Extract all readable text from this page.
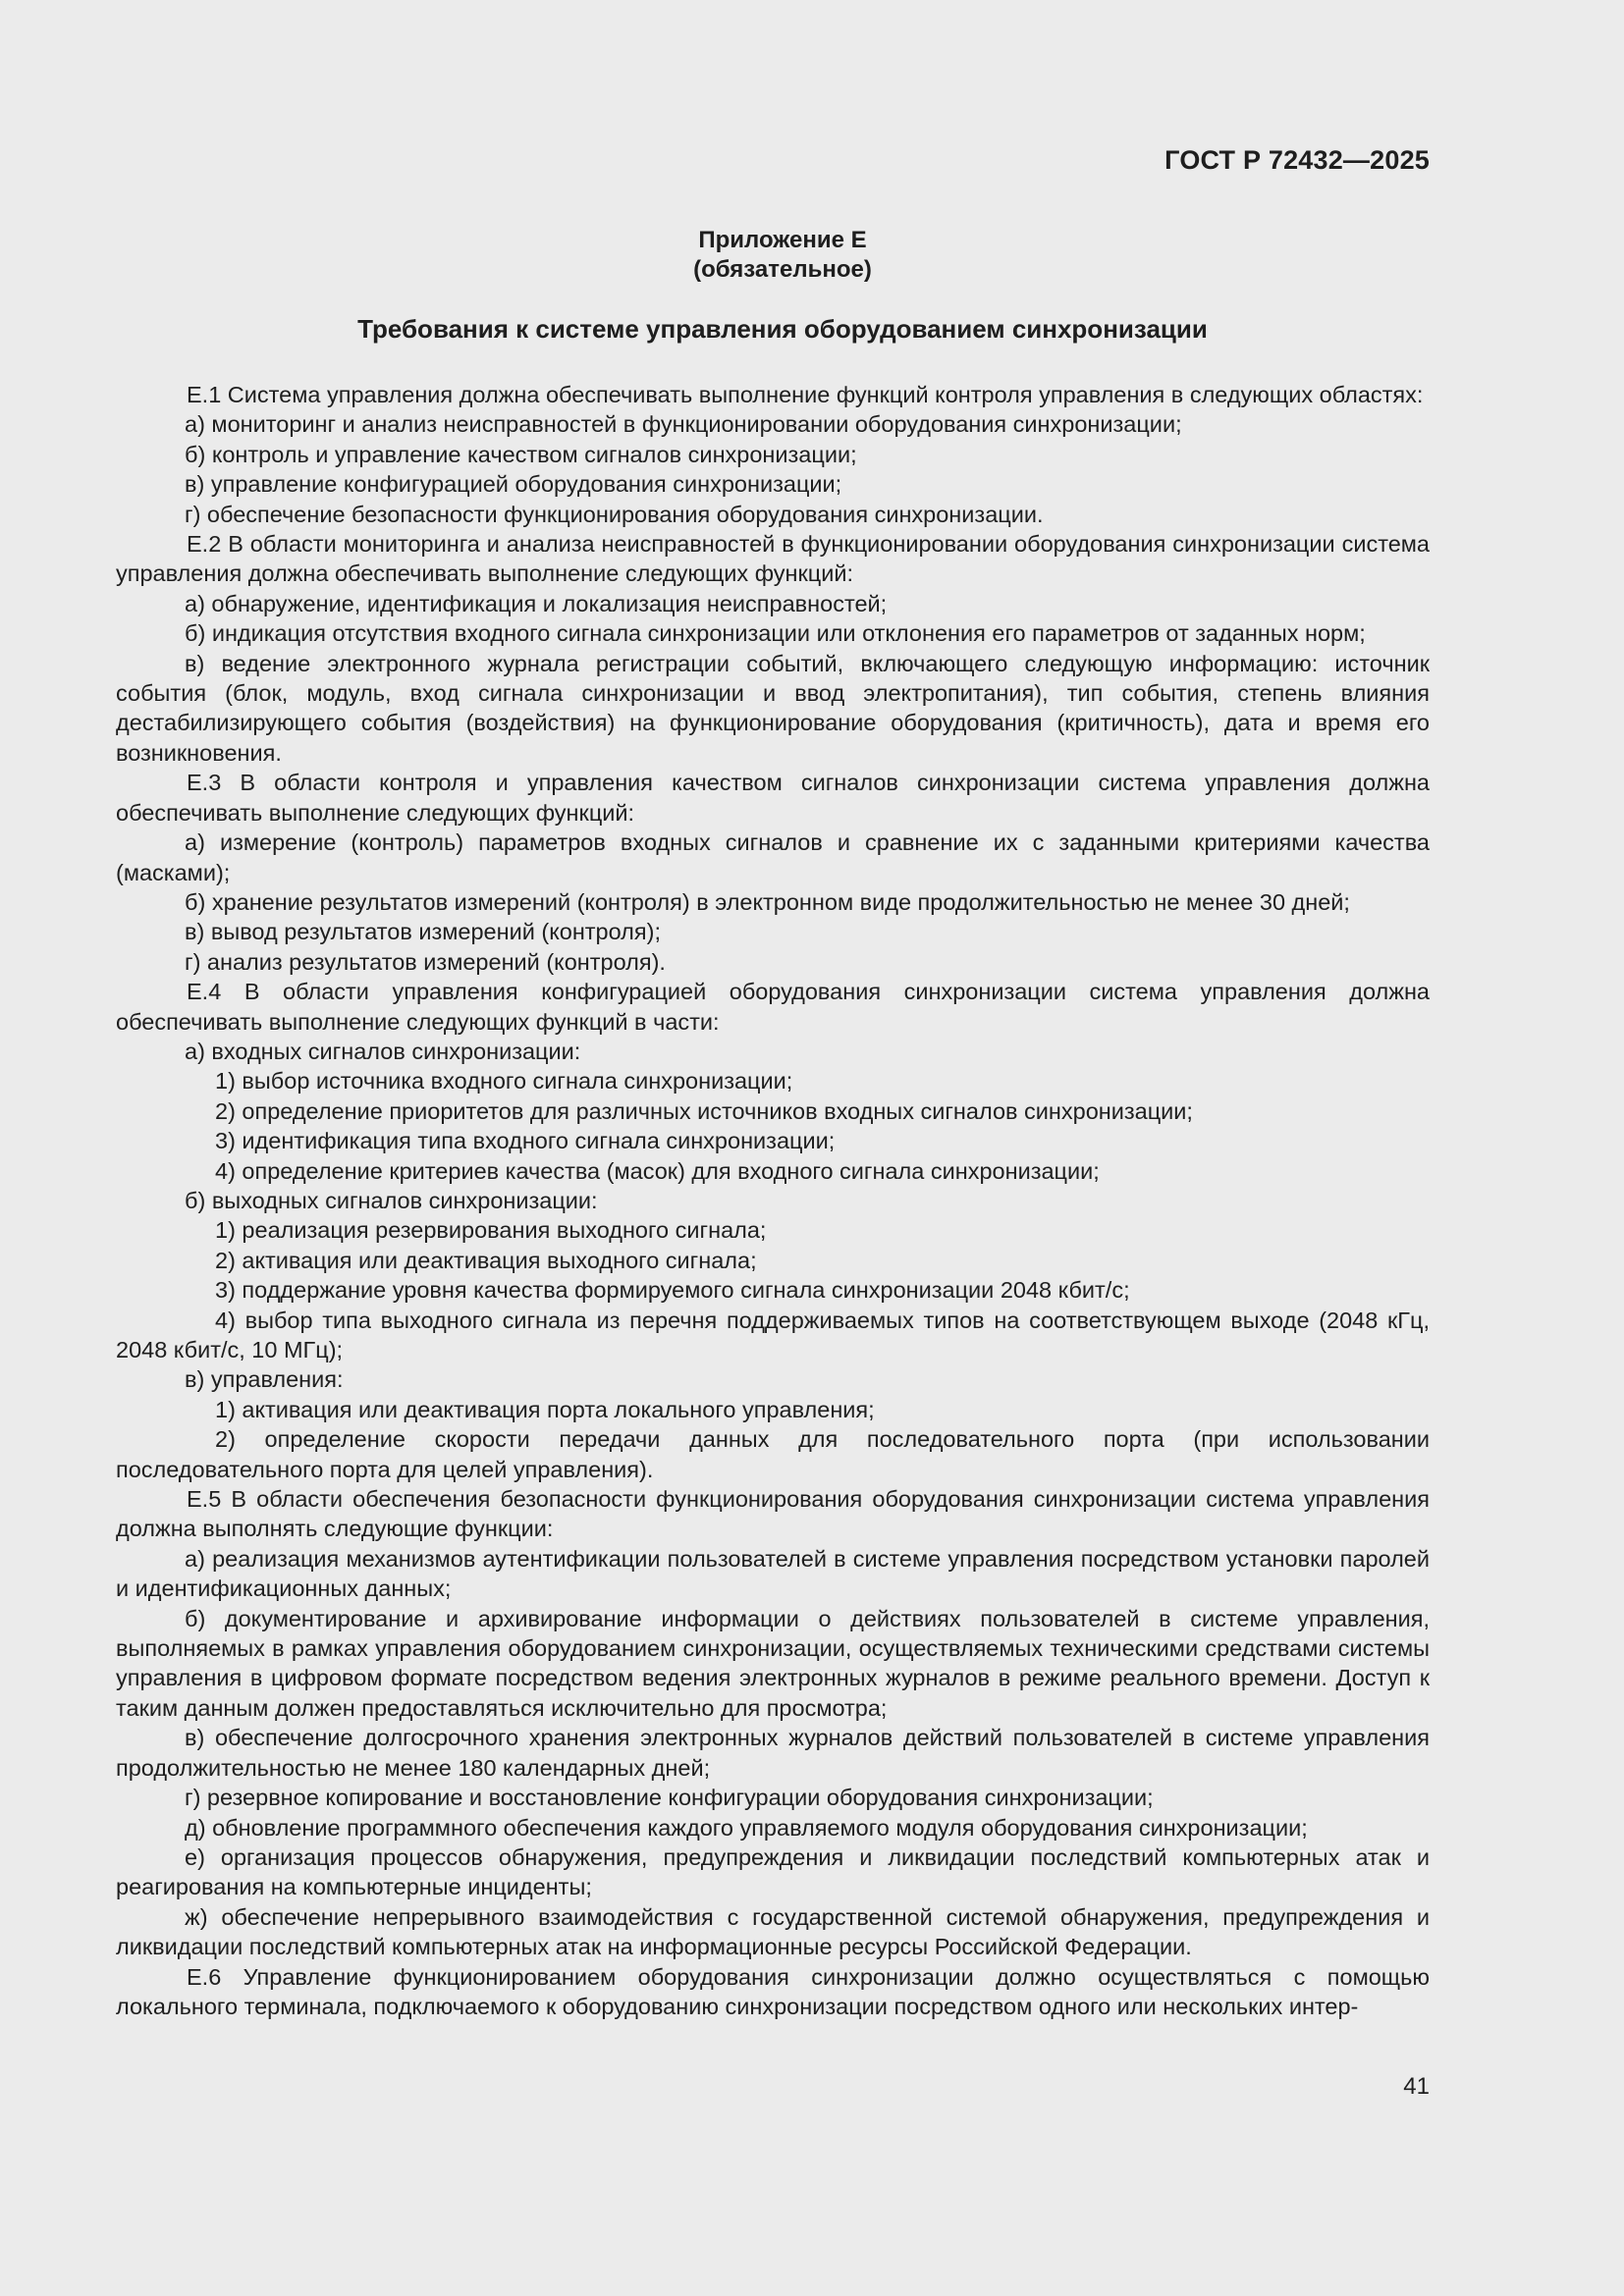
ГОСТ Р 72432—2025
Приложение Е
(обязательное)
Требования к системе управления оборудованием синхронизации

Е.1 Система управления должна обеспечивать выполнение функций контроля управления в следующих областях:

а) мониторинг и анализ неисправностей в функционировании оборудования синхронизации;

б) контроль и управление качеством сигналов синхронизации;

в) управление конфигурацией оборудования синхронизации;

г) обеспечение безопасности функционирования оборудования синхронизации.

Е.2 В области мониторинга и анализа неисправностей в функционировании оборудования синхронизации система управления должна обеспечивать выполнение следующих функций:

а) обнаружение, идентификация и локализация неисправностей;

б) индикация отсутствия входного сигнала синхронизации или отклонения его параметров от заданных норм;

в) ведение электронного журнала регистрации событий, включающего следующую информацию: источник события (блок, модуль, вход сигнала синхронизации и ввод электропитания), тип события, степень влияния дестабилизирующего события (воздействия) на функционирование оборудования (критичность), дата и время его возникновения.

Е.3 В области контроля и управления качеством сигналов синхронизации система управления должна обеспечивать выполнение следующих функций:

а) измерение (контроль) параметров входных сигналов и сравнение их с заданными критериями качества (масками);

б) хранение результатов измерений (контроля) в электронном виде продолжительностью не менее 30 дней;

в) вывод результатов измерений (контроля);

г) анализ результатов измерений (контроля).

Е.4 В области управления конфигурацией оборудования синхронизации система управления должна обеспечивать выполнение следующих функций в части:

а) входных сигналов синхронизации:

1) выбор источника входного сигнала синхронизации;

2) определение приоритетов для различных источников входных сигналов синхронизации;

3) идентификация типа входного сигнала синхронизации;

4) определение критериев качества (масок) для входного сигнала синхронизации;

б) выходных сигналов синхронизации:

1) реализация резервирования выходного сигнала;

2) активация или деактивация выходного сигнала;

3) поддержание уровня качества формируемого сигнала синхронизации 2048 кбит/с;

4) выбор типа выходного сигнала из перечня поддерживаемых типов на соответствующем выходе (2048 кГц, 2048 кбит/с, 10 МГц);

в) управления:

1) активация или деактивация порта локального управления;

2) определение скорости передачи данных для последовательного порта (при использовании последовательного порта для целей управления).

Е.5 В области обеспечения безопасности функционирования оборудования синхронизации система управления должна выполнять следующие функции:

а) реализация механизмов аутентификации пользователей в системе управления посредством установки паролей и идентификационных данных;

б) документирование и архивирование информации о действиях пользователей в системе управления, выполняемых в рамках управления оборудованием синхронизации, осуществляемых техническими средствами системы управления в цифровом формате посредством ведения электронных журналов в режиме реального времени. Доступ к таким данным должен предоставляться исключительно для просмотра;

в) обеспечение долгосрочного хранения электронных журналов действий пользователей в системе управления продолжительностью не менее 180 календарных дней;

г) резервное копирование и восстановление конфигурации оборудования синхронизации;

д) обновление программного обеспечения каждого управляемого модуля оборудования синхронизации;

е) организация процессов обнаружения, предупреждения и ликвидации последствий компьютерных атак и реагирования на компьютерные инциденты;

ж) обеспечение непрерывного взаимодействия с государственной системой обнаружения, предупреждения и ликвидации последствий компьютерных атак на информационные ресурсы Российской Федерации.

Е.6 Управление функционированием оборудования синхронизации должно осуществляться с помощью локального терминала, подключаемого к оборудованию синхронизации посредством одного или нескольких интер-

41
